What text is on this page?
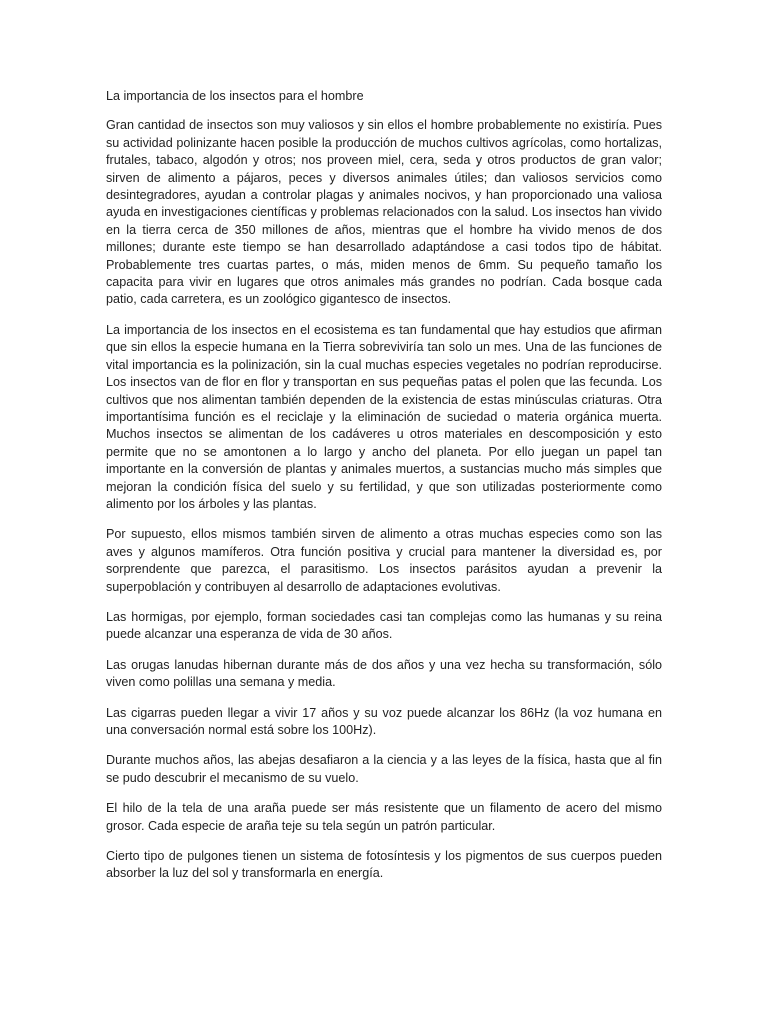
La importancia de los insectos para el hombre

Gran cantidad de insectos son muy valiosos y sin ellos el hombre probablemente no existiría. Pues su actividad polinizante hacen posible la producción de muchos cultivos agrícolas, como hortalizas, frutales, tabaco, algodón y otros; nos proveen miel, cera, seda y otros productos de gran valor; sirven de alimento a pájaros, peces y diversos animales útiles; dan valiosos servicios como desintegradores, ayudan a controlar plagas y animales nocivos, y han proporcionado una valiosa ayuda en investigaciones científicas y problemas relacionados con la salud. Los insectos han vivido en la tierra cerca de 350 millones de años, mientras que el hombre ha vivido menos de dos millones; durante este tiempo se han desarrollado adaptándose a casi todos tipo de hábitat. Probablemente tres cuartas partes, o más, miden menos de 6mm. Su pequeño tamaño los capacita para vivir en lugares que otros animales más grandes no podrían. Cada bosque cada patio, cada carretera, es un zoológico gigantesco de insectos.

La importancia de los insectos en el ecosistema es tan fundamental que hay estudios que afirman que sin ellos la especie humana en la Tierra sobreviviría tan solo un mes. Una de las funciones de vital importancia es la polinización, sin la cual muchas especies vegetales no podrían reproducirse. Los insectos van de flor en flor y transportan en sus pequeñas patas el polen que las fecunda. Los cultivos que nos alimentan también dependen de la existencia de estas minúsculas criaturas. Otra importantísima función es el reciclaje y la eliminación de suciedad o materia orgánica muerta. Muchos insectos se alimentan de los cadáveres u otros materiales en descomposición y esto permite que no se amontonen a lo largo y ancho del planeta. Por ello juegan un papel tan importante en la conversión de plantas y animales muertos, a sustancias mucho más simples que mejoran la condición física del suelo y su fertilidad, y que son utilizadas posteriormente como alimento por los árboles y las plantas.

Por supuesto, ellos mismos también sirven de alimento a otras muchas especies como son las aves y algunos mamíferos. Otra función positiva y crucial para mantener la diversidad es, por sorprendente que parezca, el parasitismo. Los insectos parásitos ayudan a prevenir la superpoblación y contribuyen al desarrollo de adaptaciones evolutivas.

Las hormigas, por ejemplo, forman sociedades casi tan complejas como las humanas y su reina puede alcanzar una esperanza de vida de 30 años.

Las orugas lanudas hibernan durante más de dos años y una vez hecha su transformación, sólo viven como polillas una semana y media.

Las cigarras pueden llegar a vivir 17 años y su voz puede alcanzar los 86Hz (la voz humana en una conversación normal está sobre los 100Hz).

Durante muchos años, las abejas desafiaron a la ciencia y a las leyes de la física, hasta que al fin se pudo descubrir el mecanismo de su vuelo.

El hilo de la tela de una araña puede ser más resistente que un filamento de acero del mismo grosor. Cada especie de araña teje su tela según un patrón particular.

Cierto tipo de pulgones tienen un sistema de fotosíntesis y los pigmentos de sus cuerpos pueden absorber la luz del sol y transformarla en energía.
